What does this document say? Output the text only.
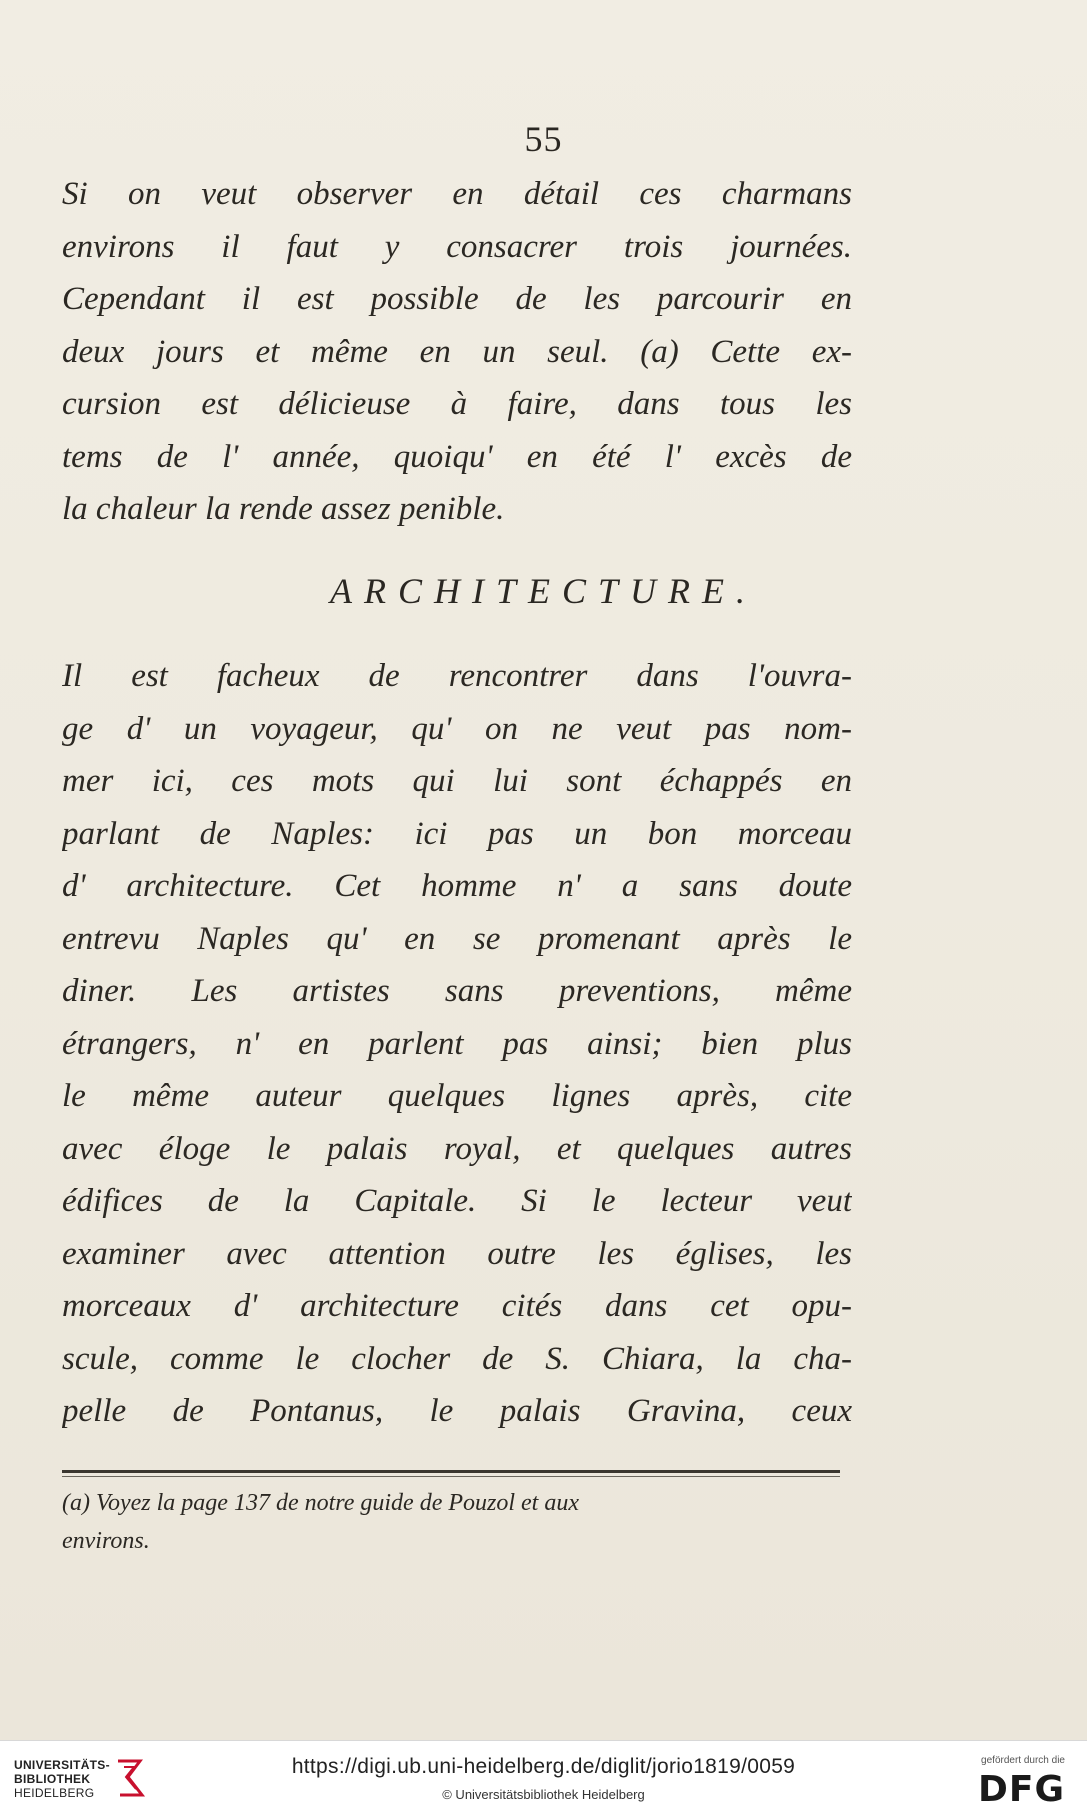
55
Si on veut observer en détail ces charmans
environs il faut y consacrer trois journées.
Cependant il est possible de les parcourir en
deux jours et même en un seul. (a) Cette ex-
cursion est délicieuse à faire, dans tous les
tems de l' année, quoiqu' en été l' excès de
la chaleur la rende assez penible.
ARCHITECTURE.
Il est facheux de rencontrer dans l'ouvra-
ge d' un voyageur, qu' on ne veut pas nom-
mer ici, ces mots qui lui sont échappés en
parlant de Naples: ici pas un bon morceau
d' architecture. Cet homme n' a sans doute
entrevu Naples qu' en se promenant après le
diner. Les artistes sans preventions, même
étrangers, n' en parlent pas ainsi; bien plus
le même auteur quelques lignes après, cite
avec éloge le palais royal, et quelques autres
édifices de la Capitale. Si le lecteur veut
examiner avec attention outre les églises, les
morceaux d' architecture cités dans cet opu-
scule, comme le clocher de S. Chiara, la cha-
pelle de Pontanus, le palais Gravina, ceux
(a) Voyez la page 137 de notre guide de Pouzol et aux
environs.
UNIVERSITÄTS-
BIBLIOTHEK
HEIDELBERG
https://digi.ub.uni-heidelberg.de/diglit/jorio1819/0059
© Universitätsbibliothek Heidelberg
gefördert durch die
DFG
